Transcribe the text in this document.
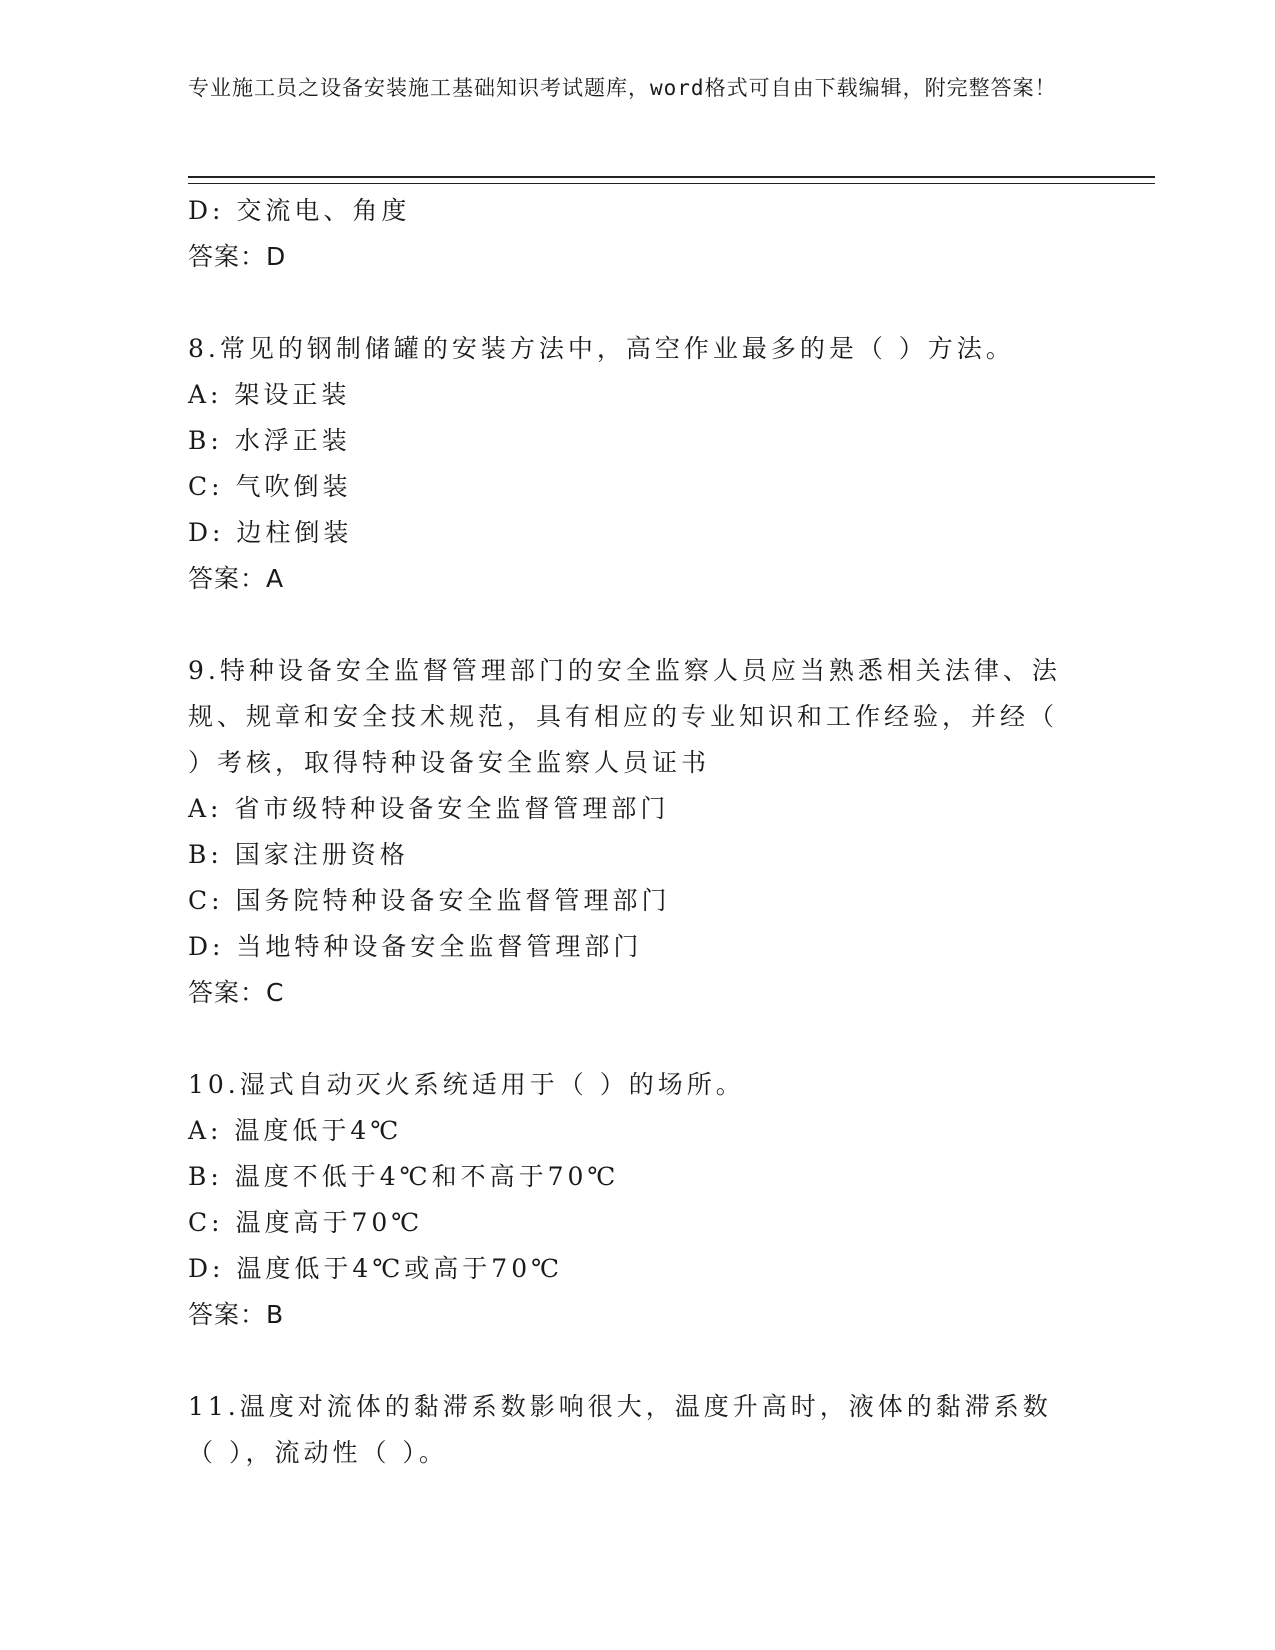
专业施工员之设备安装施工基础知识考试题库，word格式可自由下载编辑，附完整答案！
D: 交流电、角度
答案：D
8.常见的钢制储罐的安装方法中，高空作业最多的是（ ）方法。
A: 架设正装
B: 水浮正装
C: 气吹倒装
D: 边柱倒装
答案：A
9.特种设备安全监督管理部门的安全监察人员应当熟悉相关法律、法规、规章和安全技术规范，具有相应的专业知识和工作经验，并经（ ）考核，取得特种设备安全监察人员证书
A: 省市级特种设备安全监督管理部门
B: 国家注册资格
C: 国务院特种设备安全监督管理部门
D: 当地特种设备安全监督管理部门
答案：C
10.湿式自动灭火系统适用于（ ）的场所。
A: 温度低于4℃
B: 温度不低于4℃和不高于70℃
C: 温度高于70℃
D: 温度低于4℃或高于70℃
答案：B
11.温度对流体的黏滞系数影响很大，温度升高时，液体的黏滞系数（ ），流动性（ ）。
